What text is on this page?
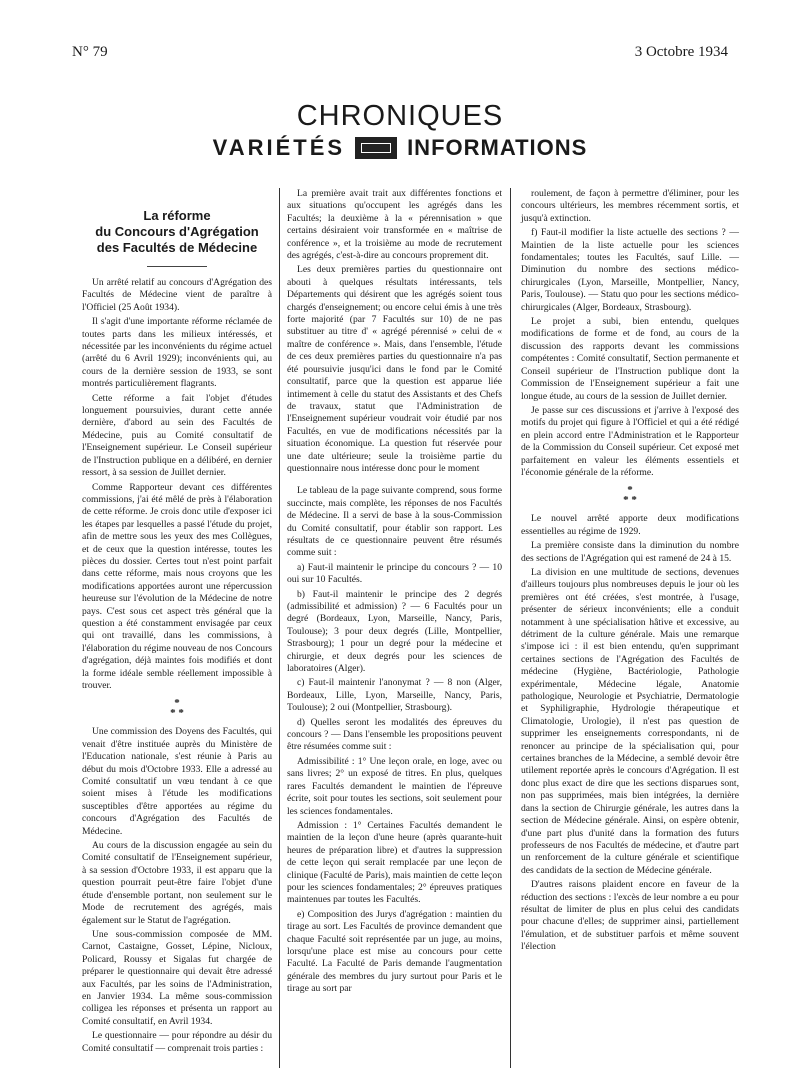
N° 79	3 Octobre 1934
CHRONIQUES
VARIÉTÉS	INFORMATIONS
La réforme
du Concours d'Agrégation
des Facultés de Médecine

Un arrêté relatif au concours d'Agrégation des Facultés de Médecine vient de paraître à l'Officiel (25 Août 1934).

Il s'agit d'une importante réforme réclamée de toutes parts dans les milieux intéressés, et nécessitée par les inconvénients du régime actuel (arrêté du 6 Avril 1929); inconvénients qui, au cours de la dernière session de 1933, se sont montrés particulièrement flagrants.

Cette réforme a fait l'objet d'études longuement poursuivies, durant cette année dernière, d'abord au sein des Facultés de Médecine, puis au Comité consultatif de l'Enseignement supérieur. Le Conseil supérieur de l'Instruction publique en a délibéré, en dernier ressort, à sa session de Juillet dernier.

Comme Rapporteur devant ces différentes commissions, j'ai été mêlé de près à l'élaboration de cette réforme. Je crois donc utile d'exposer ici les étapes par lesquelles a passé l'étude du projet, afin de mettre sous les yeux des mes Collègues, et de ceux que la question intéresse, toutes les pièces du dossier. Certes tout n'est point parfait dans cette réforme, mais nous croyons que les modifications apportées auront une répercussion heureuse sur l'évolution de la Médecine de notre pays. C'est sous cet aspect très général que la question a été constamment envisagée par ceux qui ont travaillé, dans les commissions, à l'élaboration du régime nouveau de nos Concours d'agrégation, déjà maintes fois modifiés et dont la forme idéale semble réellement impossible à trouver.

*
* *

Une commission des Doyens des Facultés, qui venait d'être instituée auprès du Ministère de l'Education nationale, s'est réunie à Paris au début du mois d'Octobre 1933. Elle a adressé au Comité consultatif un vœu tendant à ce que soient mises à l'étude les modifications susceptibles d'être apportées au régime du concours d'Agrégation des Facultés de Médecine.

Au cours de la discussion engagée au sein du Comité consultatif de l'Enseignement supérieur, à sa session d'Octobre 1933, il est apparu que la question pourrait peut-être faire l'objet d'une étude d'ensemble portant, non seulement sur le Mode de recrutement des agrégés, mais également sur le Statut de l'agrégation.

Une sous-commission composée de MM. Carnot, Castaigne, Gosset, Lépine, Nicloux, Policard, Roussy et Sigalas fut chargée de préparer le questionnaire qui devait être adressé aux Facultés, par les soins de l'Administration, en Janvier 1934. La même sous-commission colligea les réponses et présenta un rapport au Comité consultatif, en Avril 1934.

Le questionnaire — pour répondre au désir du Comité consultatif — comprenait trois parties :

La première avait trait aux différentes fonctions et aux situations qu'occupent les agrégés dans les Facultés; la deuxième à la « pérennisation » que certains désiraient voir transformée en « maîtrise de conférence », et la troisième au mode de recrutement des agrégés, c'est-à-dire au concours proprement dit.

Les deux premières parties du questionnaire ont abouti à quelques résultats intéressants, tels Départements qui désirent que les agrégés soient tous chargés d'enseignement; ou encore celui émis à une très forte majorité (par 7 Facultés sur 10) de ne pas substituer au titre d' « agrégé pérennisé » celui de « maître de conférence ». Mais, dans l'ensemble, l'étude de ces deux premières parties du questionnaire n'a pas été poursuivie jusqu'ici dans le fond par le Comité consultatif, parce que la question est apparue liée intimement à celle du statut des Assistants et des Chefs de travaux, statut que l'Administration de l'Enseignement supérieur voudrait voir étudié par nos Facultés, en vue de modifications nécessités par la situation économique. La question fut réservée pour une date ultérieure; seule la troisième partie du questionnaire nous intéresse donc pour le moment

Le tableau de la page suivante comprend, sous forme succincte, mais complète, les réponses de nos Facultés de Médecine. Il a servi de base à la sous-Commission du Comité consultatif, pour établir son rapport. Les résultats de ce questionnaire peuvent être résumés comme suit :

a) Faut-il maintenir le principe du concours ? — 10 oui sur 10 Facultés.

b) Faut-il maintenir le principe des 2 degrés (admissibilité et admission) ? — 6 Facultés pour un degré (Bordeaux, Lyon, Marseille, Nancy, Paris, Toulouse); 3 pour deux degrés (Lille, Montpellier, Strasbourg); 1 pour un degré pour la médecine et chirurgie, et deux degrés pour les sciences de laboratoires (Alger).

c) Faut-il maintenir l'anonymat ? — 8 non (Alger, Bordeaux, Lille, Lyon, Marseille, Nancy, Paris, Toulouse); 2 oui (Montpellier, Strasbourg).

d) Quelles seront les modalités des épreuves du concours ? — Dans l'ensemble les propositions peuvent être résumées comme suit :

Admissibilité : 1° Une leçon orale, en loge, avec ou sans livres; 2° un exposé de titres. En plus, quelques rares Facultés demandent le maintien de l'épreuve écrite, soit pour toutes les sections, soit seulement pour les sciences fondamentales.

Admission : 1° Certaines Facultés demandent le maintien de la leçon d'une heure (après quarante-huit heures de préparation libre) et d'autres la suppression de cette leçon qui serait remplacée par une leçon de clinique (Faculté de Paris), mais maintien de cette leçon pour les sciences fondamentales; 2° épreuves pratiques maintenues par toutes les Facultés.

e) Composition des Jurys d'agrégation : maintien du tirage au sort. Les Facultés de province demandent que chaque Faculté soit représentée par un juge, au moins, lorsqu'une place est mise au concours pour cette Faculté. La Faculté de Paris demande l'augmentation générale des membres du jury surtout pour Paris et le tirage au sort par

roulement, de façon à permettre d'éliminer, pour les concours ultérieurs, les membres récemment sortis, et jusqu'à extinction.

f) Faut-il modifier la liste actuelle des sections ? — Maintien de la liste actuelle pour les sciences fondamentales; toutes les Facultés, sauf Lille. — Diminution du nombre des sections médico-chirurgicales (Lyon, Marseille, Montpellier, Nancy, Paris, Toulouse). — Statu quo pour les sections médico-chirurgicales (Alger, Bordeaux, Strasbourg).

Le projet a subi, bien entendu, quelques modifications de forme et de fond, au cours de la discussion des rapports devant les commissions compétentes : Comité consultatif, Section permanente et Conseil supérieur de l'Instruction publique dont la Commission de l'Enseignement supérieur a fait une longue étude, au cours de la session de Juillet dernier.

Je passe sur ces discussions et j'arrive à l'exposé des motifs du projet qui figure à l'Officiel et qui a été rédigé en plein accord entre l'Administration et le Rapporteur de la Commission du Conseil supérieur. Cet exposé met parfaitement en valeur les éléments essentiels et l'économie générale de la réforme.

*
* *

Le nouvel arrêté apporte deux modifications essentielles au régime de 1929.

La première consiste dans la diminution du nombre des sections de l'Agrégation qui est ramené de 24 à 15.

La division en une multitude de sections, devenues d'ailleurs toujours plus nombreuses depuis le jour où les premières ont été créées, s'est montrée, à l'usage, présenter de sérieux inconvénients; elle a conduit notamment à une spécialisation hâtive et excessive, au détriment de la culture générale. Mais une remarque s'impose ici : il est bien entendu, qu'en supprimant certaines sections de l'Agrégation des Facultés de médecine (Hygiène, Bactériologie, Pathologie expérimentale, Médecine légale, Anatomie pathologique, Neurologie et Psychiatrie, Dermatologie et Syphiligraphie, Hydrologie thérapeutique et Climatologie, Urologie), il n'est pas question de supprimer les enseignements correspondants, ni de renoncer au principe de la spécialisation qui, pour certaines branches de la Médecine, a semblé devoir être utilement reportée après le concours d'Agrégation. Il est donc plus exact de dire que les sections disparues sont, non pas supprimées, mais bien intégrées, la dernière dans la section de Chirurgie générale, les autres dans la section de Médecine générale. Ainsi, on espère obtenir, d'une part plus d'unité dans la formation des futurs professeurs de nos Facultés de médecine, et d'autre part un renforcement de la culture générale et scientifique des candidats de la section de Médecine générale.

D'autres raisons plaident encore en faveur de la réduction des sections : l'excès de leur nombre a eu pour résultat de limiter de plus en plus celui des candidats pour chacune d'elles; de supprimer ainsi, partiellement l'émulation, et de substituer parfois et même souvent l'élection
